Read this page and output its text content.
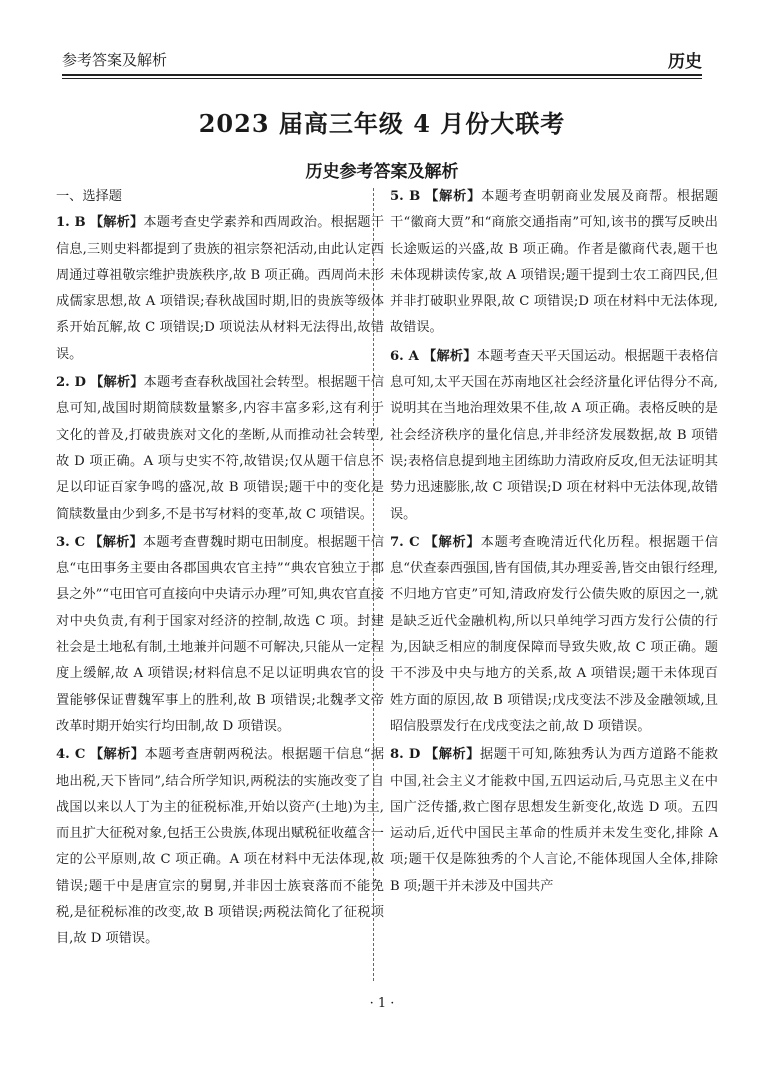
参考答案及解析	历史
2023 届高三年级 4 月份大联考
历史参考答案及解析

一、选择题

1. B 【解析】本题考查史学素养和西周政治。根据题干信息,三则史料都提到了贵族的祖宗祭祀活动,由此认定西周通过尊祖敬宗维护贵族秩序,故 B 项正确。西周尚未形成儒家思想,故 A 项错误;春秋战国时期,旧的贵族等级体系开始瓦解,故 C 项错误;D 项说法从材料无法得出,故错误。

2. D 【解析】本题考查春秋战国社会转型。根据题干信息可知,战国时期简牍数量繁多,内容丰富多彩,这有利于文化的普及,打破贵族对文化的垄断,从而推动社会转型,故 D 项正确。A 项与史实不符,故错误;仅从题干信息不足以印证百家争鸣的盛况,故 B 项错误;题干中的变化是简牍数量由少到多,不是书写材料的变革,故 C 项错误。

3. C 【解析】本题考查曹魏时期屯田制度。根据题干信息“屯田事务主要由各郡国典农官主持”“典农官独立于郡县之外”“屯田官可直接向中央请示办理”可知,典农官直接对中央负责,有利于国家对经济的控制,故选 C 项。封建社会是土地私有制,土地兼并问题不可解决,只能从一定程度上缓解,故 A 项错误;材料信息不足以证明典农官的设置能够保证曹魏军事上的胜利,故 B 项错误;北魏孝文帝改革时期开始实行均田制,故 D 项错误。

4. C 【解析】本题考查唐朝两税法。根据题干信息“据地出税,天下皆同”,结合所学知识,两税法的实施改变了自战国以来以人丁为主的征税标准,开始以资产(土地)为主,而且扩大征税对象,包括王公贵族,体现出赋税征收蕴含一定的公平原则,故 C 项正确。A 项在材料中无法体现,故错误;题干中是唐宣宗的舅舅,并非因士族衰落而不能免税,是征税标准的改变,故 B 项错误;两税法简化了征税项目,故 D 项错误。

5. B 【解析】本题考查明朝商业发展及商帮。根据题干“徽商大贾”和“商旅交通指南”可知,该书的撰写反映出长途贩运的兴盛,故 B 项正确。作者是徽商代表,题干也未体现耕读传家,故 A 项错误;题干提到士农工商四民,但并非打破职业界限,故 C 项错误;D 项在材料中无法体现,故错误。

6. A 【解析】本题考查天平天国运动。根据题干表格信息可知,太平天国在苏南地区社会经济量化评估得分不高,说明其在当地治理效果不佳,故 A 项正确。表格反映的是社会经济秩序的量化信息,并非经济发展数据,故 B 项错误;表格信息提到地主团练助力清政府反攻,但无法证明其势力迅速膨胀,故 C 项错误;D 项在材料中无法体现,故错误。

7. C 【解析】本题考查晚清近代化历程。根据题干信息“伏查泰西强国,皆有国债,其办理妥善,皆交由银行经理,不归地方官吏”可知,清政府发行公债失败的原因之一,就是缺乏近代金融机构,所以只单纯学习西方发行公债的行为,因缺乏相应的制度保障而导致失败,故 C 项正确。题干不涉及中央与地方的关系,故 A 项错误;题干未体现百姓方面的原因,故 B 项错误;戊戌变法不涉及金融领域,且昭信股票发行在戊戌变法之前,故 D 项错误。

8. D 【解析】据题干可知,陈独秀认为西方道路不能救中国,社会主义才能救中国,五四运动后,马克思主义在中国广泛传播,救亡图存思想发生新变化,故选 D 项。五四运动后,近代中国民主革命的性质并未发生变化,排除 A 项;题干仅是陈独秀的个人言论,不能体现国人全体,排除 B 项;题干并未涉及中国共产

· 1 ·
